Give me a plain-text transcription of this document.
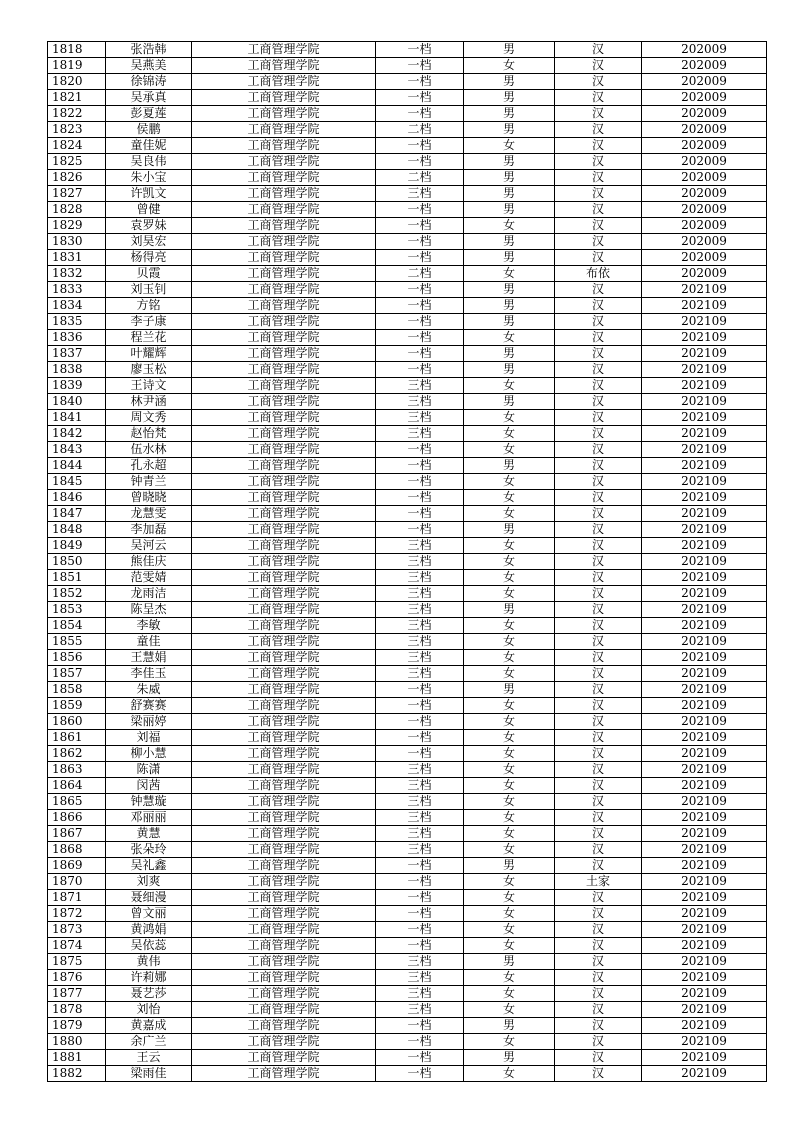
1818	张浩韩	工商管理学院	一档	男	汉	202009
1819	吴燕美	工商管理学院	一档	女	汉	202009
1820	徐锦涛	工商管理学院	一档	男	汉	202009
1821	吴承真	工商管理学院	一档	男	汉	202009
1822	彭夏莲	工商管理学院	一档	男	汉	202009
1823	侯鹏	工商管理学院	二档	男	汉	202009
1824	童佳妮	工商管理学院	一档	女	汉	202009
1825	吴良伟	工商管理学院	一档	男	汉	202009
1826	朱小宝	工商管理学院	二档	男	汉	202009
1827	许凯文	工商管理学院	三档	男	汉	202009
1828	曾健	工商管理学院	一档	男	汉	202009
1829	袁罗妹	工商管理学院	一档	女	汉	202009
1830	刘昊宏	工商管理学院	一档	男	汉	202009
1831	杨得亮	工商管理学院	一档	男	汉	202009
1832	贝霞	工商管理学院	二档	女	布依	202009
1833	刘玉钊	工商管理学院	一档	男	汉	202109
1834	方铭	工商管理学院	一档	男	汉	202109
1835	李子康	工商管理学院	一档	男	汉	202109
1836	程兰花	工商管理学院	一档	女	汉	202109
1837	叶耀辉	工商管理学院	一档	男	汉	202109
1838	廖玉松	工商管理学院	一档	男	汉	202109
1839	王诗文	工商管理学院	三档	女	汉	202109
1840	林尹涵	工商管理学院	三档	男	汉	202109
1841	周文秀	工商管理学院	三档	女	汉	202109
1842	赵怡梵	工商管理学院	三档	女	汉	202109
1843	伍水林	工商管理学院	一档	女	汉	202109
1844	孔永超	工商管理学院	一档	男	汉	202109
1845	钟青兰	工商管理学院	一档	女	汉	202109
1846	曾晓晓	工商管理学院	一档	女	汉	202109
1847	龙慧雯	工商管理学院	一档	女	汉	202109
1848	李加磊	工商管理学院	一档	男	汉	202109
1849	吴河云	工商管理学院	三档	女	汉	202109
1850	熊佳庆	工商管理学院	三档	女	汉	202109
1851	范雯婧	工商管理学院	三档	女	汉	202109
1852	龙雨洁	工商管理学院	三档	女	汉	202109
1853	陈呈杰	工商管理学院	三档	男	汉	202109
1854	李敏	工商管理学院	三档	女	汉	202109
1855	童佳	工商管理学院	三档	女	汉	202109
1856	王慧娟	工商管理学院	三档	女	汉	202109
1857	李佳玉	工商管理学院	三档	女	汉	202109
1858	朱威	工商管理学院	一档	男	汉	202109
1859	舒赛赛	工商管理学院	一档	女	汉	202109
1860	梁丽婷	工商管理学院	一档	女	汉	202109
1861	刘福	工商管理学院	一档	女	汉	202109
1862	柳小慧	工商管理学院	一档	女	汉	202109
1863	陈潇	工商管理学院	三档	女	汉	202109
1864	闵茜	工商管理学院	三档	女	汉	202109
1865	钟慧璇	工商管理学院	三档	女	汉	202109
1866	邓丽丽	工商管理学院	三档	女	汉	202109
1867	黄慧	工商管理学院	三档	女	汉	202109
1868	张朵玲	工商管理学院	三档	女	汉	202109
1869	吴礼鑫	工商管理学院	一档	男	汉	202109
1870	刘爽	工商管理学院	一档	女	土家	202109
1871	聂细漫	工商管理学院	一档	女	汉	202109
1872	曾文丽	工商管理学院	一档	女	汉	202109
1873	黄鸿娟	工商管理学院	一档	女	汉	202109
1874	吴依蕊	工商管理学院	一档	女	汉	202109
1875	黄伟	工商管理学院	三档	男	汉	202109
1876	许莉娜	工商管理学院	三档	女	汉	202109
1877	聂艺莎	工商管理学院	三档	女	汉	202109
1878	刘怡	工商管理学院	三档	女	汉	202109
1879	黄嘉成	工商管理学院	一档	男	汉	202109
1880	余广兰	工商管理学院	一档	女	汉	202109
1881	王云	工商管理学院	一档	男	汉	202109
1882	梁雨佳	工商管理学院	一档	女	汉	202109
